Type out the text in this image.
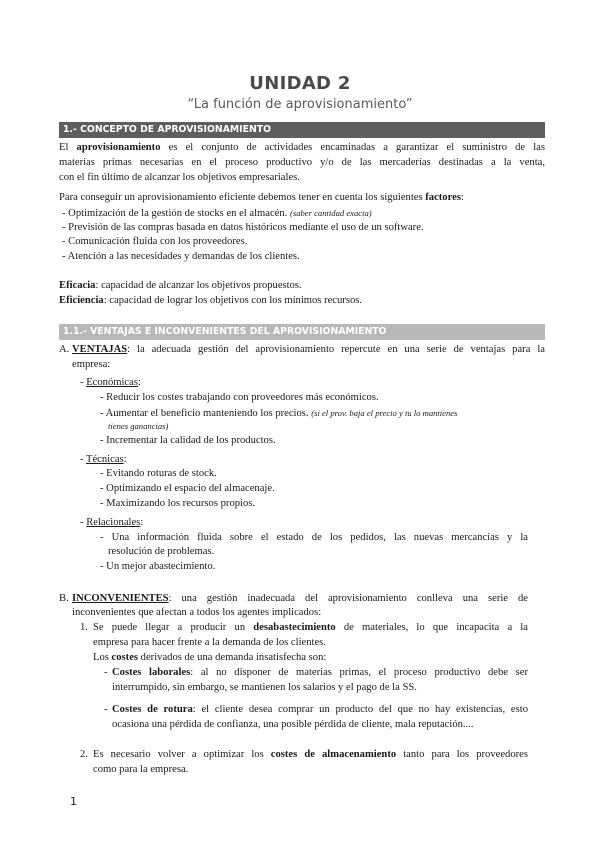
UNIDAD 2
“La función de aprovisionamiento”
1.- CONCEPTO DE APROVISIONAMIENTO
El aprovisionamiento es el conjunto de actividades encaminadas a garantizar el suministro de las
materias primas necesarias en el proceso productivo y/o de las mercaderías destinadas a la venta,
con el fin último de alcanzar los objetivos empresariales.
Para conseguir un aprovisionamiento eficiente debemos tener en cuenta los siguientes factores:
- Optimización de la gestión de stocks en el almacén. (saber cantidad exacta)
- Previsión de las compras basada en datos históricos mediante el uso de un software.
- Comunicación fluida con los proveedores.
- Atención a las necesidades y demandas de los clientes.
Eficacia: capacidad de alcanzar los objetivos propuestos.
Eficiencia: capacidad de lograr los objetivos con los mínimos recursos.
1.1.- VENTAJAS E INCONVENIENTES DEL APROVISIONAMIENTO
A. VENTAJAS: la adecuada gestión del aprovisionamiento repercute en una serie de ventajas para la
empresa:
- Económicas:
- Reducir los costes trabajando con proveedores más económicos.
- Aumentar el beneficio manteniendo los precios. (si el prov. baja el precio y tu lo mantienes
tienes ganancias)
- Incrementar la calidad de los productos.
- Técnicas:
- Evitando roturas de stock.
- Optimizando el espacio del almacenaje.
- Maximizando los recursos propios.
- Relacionales:
- Una información fluida sobre el estado de los pedidos, las nuevas mercancías y la
resolución de problemas.
- Un mejor abastecimiento.
B. INCONVENIENTES: una gestión inadecuada del aprovisionamiento conlleva una serie de
inconvenientes que afectan a todos los agentes implicados:
1. Se puede llegar a producir un desabastecimiento de materiales, lo que incapacita a la
empresa para hacer frente a la demanda de los clientes.
Los costes derivados de una demanda insatisfecha son:
- Costes laborales: al no disponer de materias primas, el proceso productivo debe ser
interrumpido, sin embargo, se mantienen los salarios y el pago de la SS.
- Costes de rotura: el cliente desea comprar un producto del que no hay existencias, esto
ocasiona una pérdida de confianza, una posible pérdida de cliente, mala reputación....
2. Es necesario volver a optimizar los costes de almacenamiento tanto para los proveedores
como para la empresa.
1
